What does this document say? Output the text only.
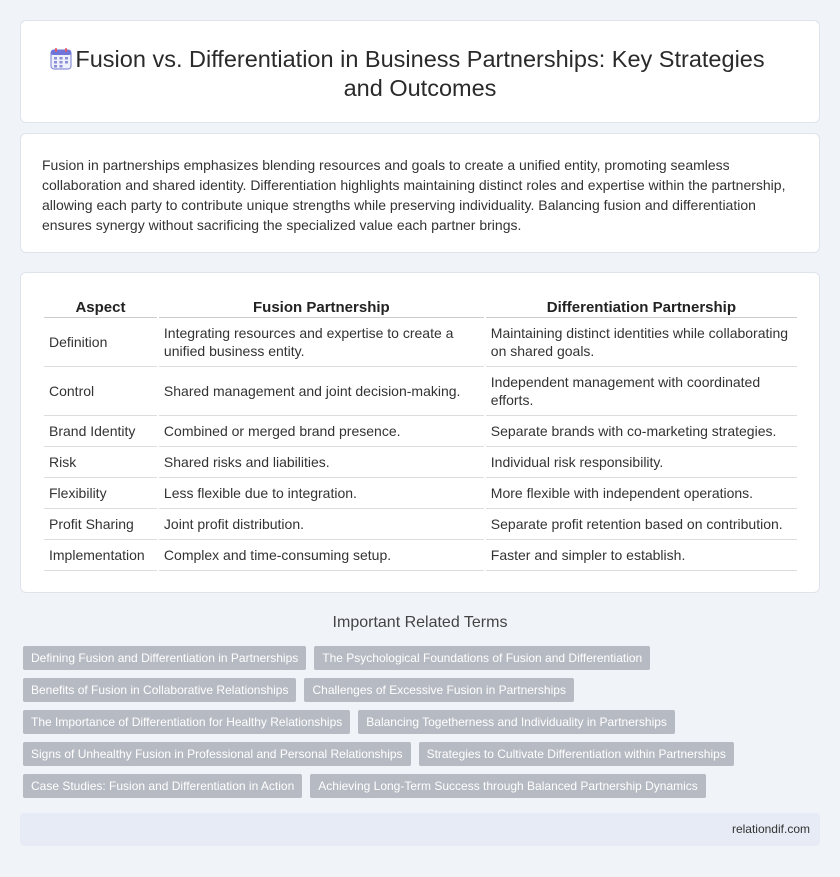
Fusion vs. Differentiation in Business Partnerships: Key Strategies and Outcomes

Fusion in partnerships emphasizes blending resources and goals to create a unified entity, promoting seamless collaboration and shared identity. Differentiation highlights maintaining distinct roles and expertise within the partnership, allowing each party to contribute unique strengths while preserving individuality. Balancing fusion and differentiation ensures synergy without sacrificing the specialized value each partner brings.

Aspect	Fusion Partnership	Differentiation Partnership
Definition	Integrating resources and expertise to create a unified business entity.	Maintaining distinct identities while collaborating on shared goals.
Control	Shared management and joint decision-making.	Independent management with coordinated efforts.
Brand Identity	Combined or merged brand presence.	Separate brands with co-marketing strategies.
Risk	Shared risks and liabilities.	Individual risk responsibility.
Flexibility	Less flexible due to integration.	More flexible with independent operations.
Profit Sharing	Joint profit distribution.	Separate profit retention based on contribution.
Implementation	Complex and time-consuming setup.	Faster and simpler to establish.
Important Related Terms
Defining Fusion and Differentiation in Partnerships The Psychological Foundations of Fusion and Differentiation
Benefits of Fusion in Collaborative Relationships Challenges of Excessive Fusion in Partnerships
The Importance of Differentiation for Healthy Relationships Balancing Togetherness and Individuality in Partnerships
Signs of Unhealthy Fusion in Professional and Personal Relationships Strategies to Cultivate Differentiation within Partnerships
Case Studies: Fusion and Differentiation in Action Achieving Long-Term Success through Balanced Partnership Dynamics
relationdif.com
